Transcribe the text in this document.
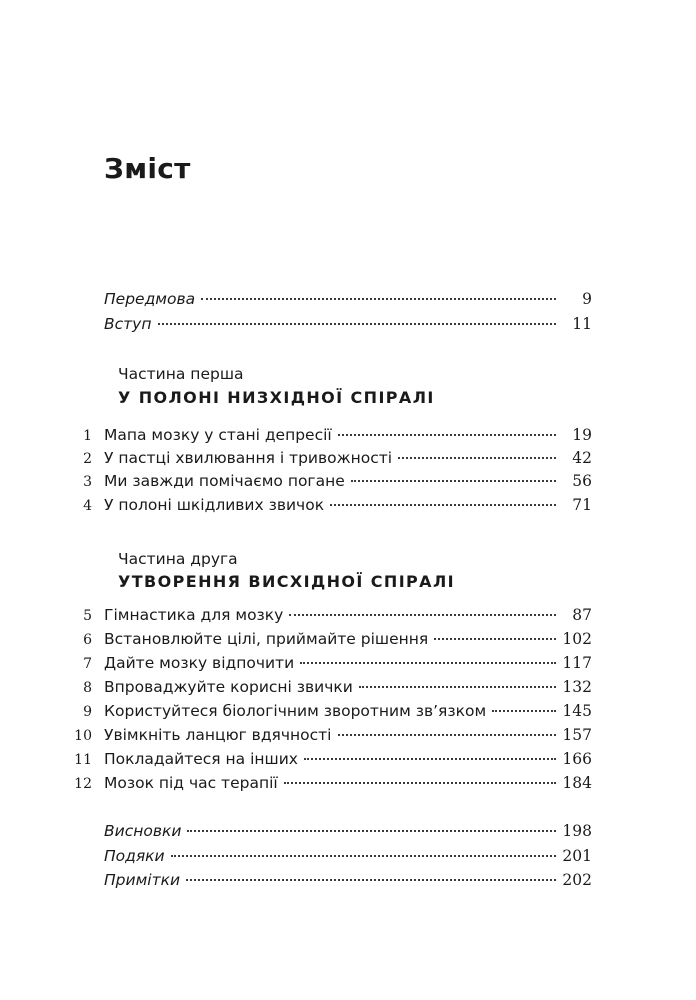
Зміст
Передмова	9
Вступ	11

Частина перша

У ПОЛОНІ НИЗХІДНОЇ СПІРАЛІ

1 Мапа мозку у стані депресії	19
2 У пастці хвилювання і тривожності	42
3 Ми завжди помічаємо погане	56
4 У полоні шкідливих звичок	71

Частина друга

УТВОРЕННЯ ВИСХІДНОЇ СПІРАЛІ

5 Гімнастика для мозку	87
6 Встановлюйте цілі, приймайте рішення	102
7 Дайте мозку відпочити	117
8 Впроваджуйте корисні звички	132
9 Користуйтеся біологічним зворотним зв’язком	145
10 Увімкніть ланцюг вдячності	157
11 Покладайтеся на інших	166
12 Мозок під час терапії	184
Висновки	198
Подяки	201
Примітки	202
